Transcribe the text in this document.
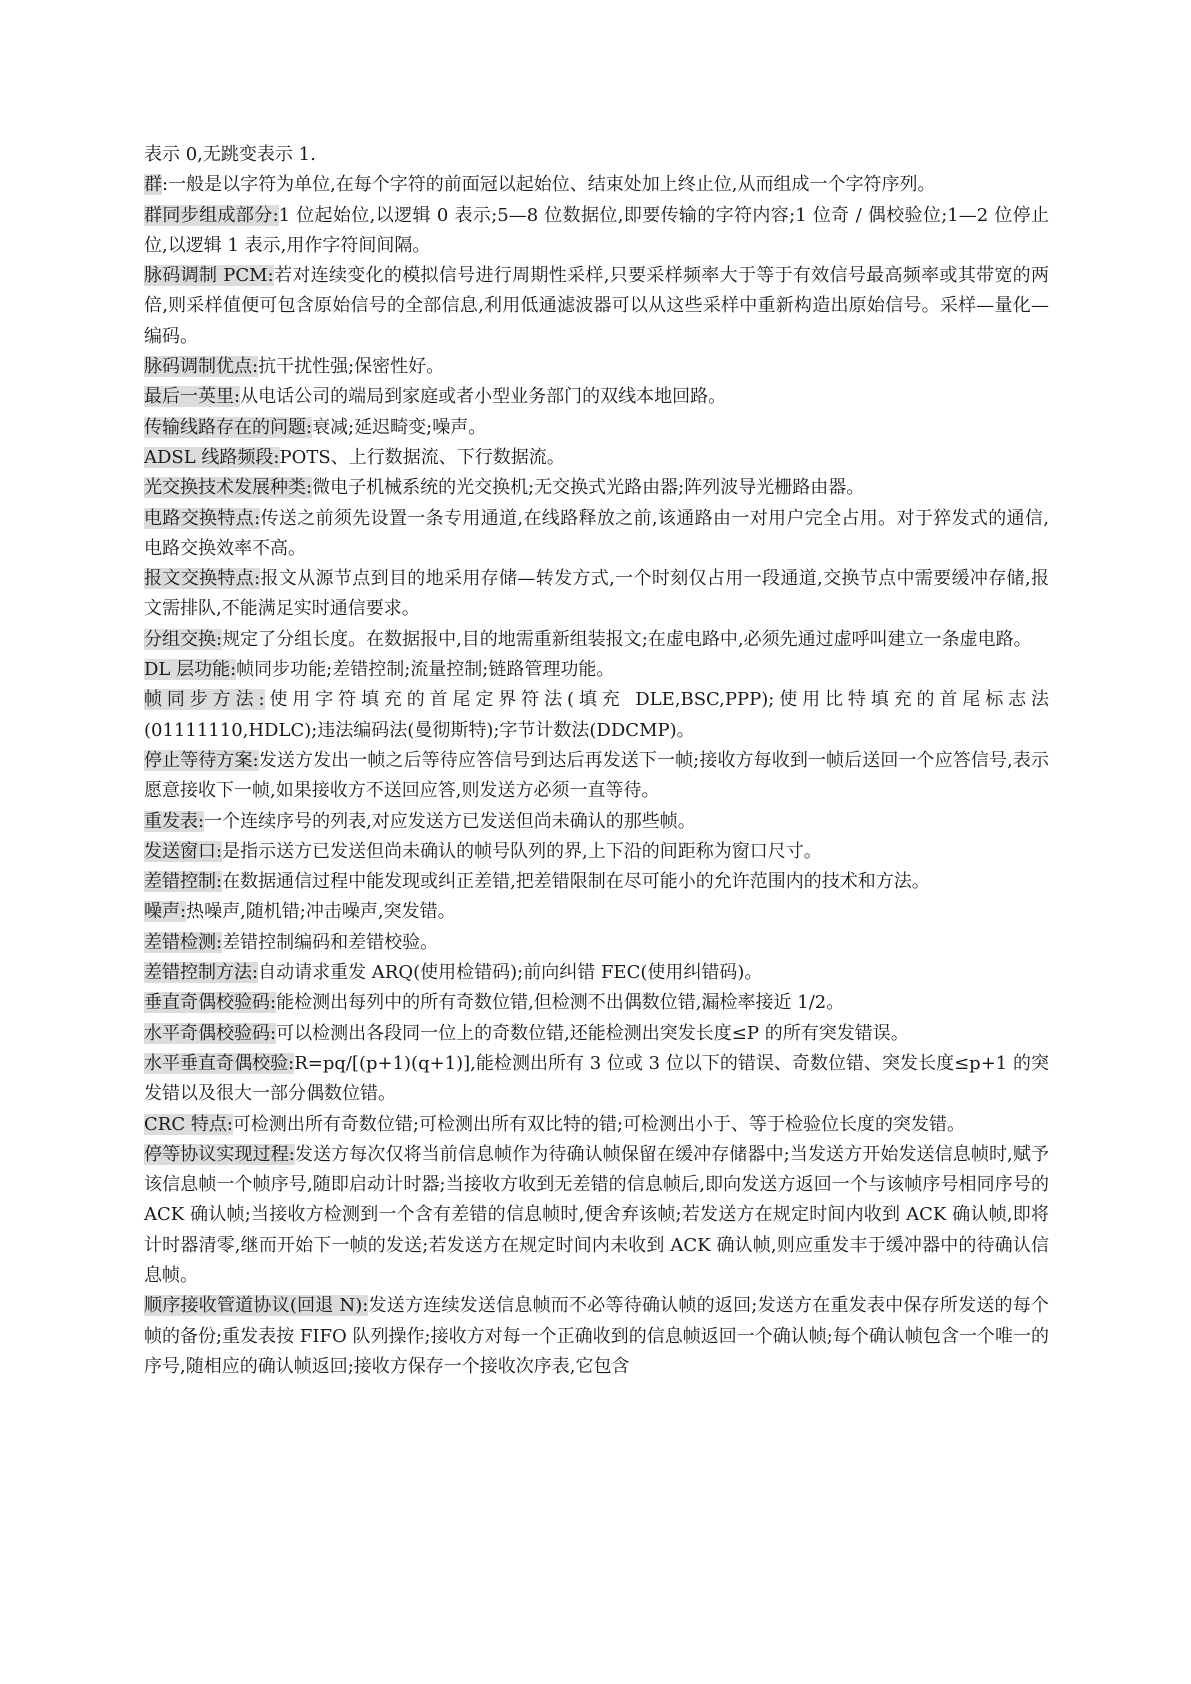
表示 0,无跳变表示 1.

群:一般是以字符为单位,在每个字符的前面冠以起始位、结束处加上终止位,从而组成一个字符序列。

群同步组成部分:1 位起始位,以逻辑 0 表示;5—8 位数据位,即要传输的字符内容;1 位奇 / 偶校验位;1—2 位停止位,以逻辑 1 表示,用作字符间间隔。

脉码调制 PCM:若对连续变化的模拟信号进行周期性采样,只要采样频率大于等于有效信号最高频率或其带宽的两倍,则采样值便可包含原始信号的全部信息,利用低通滤波器可以从这些采样中重新构造出原始信号。采样—量化—编码。

脉码调制优点:抗干扰性强;保密性好。

最后一英里:从电话公司的端局到家庭或者小型业务部门的双线本地回路。

传输线路存在的问题:衰减;延迟畸变;噪声。

ADSL 线路频段:POTS、上行数据流、下行数据流。

光交换技术发展种类:微电子机械系统的光交换机;无交换式光路由器;阵列波导光栅路由器。

电路交换特点:传送之前须先设置一条专用通道,在线路释放之前,该通路由一对用户完全占用。对于猝发式的通信,电路交换效率不高。

报文交换特点:报文从源节点到目的地采用存储—转发方式,一个时刻仅占用一段通道,交换节点中需要缓冲存储,报文需排队,不能满足实时通信要求。

分组交换:规定了分组长度。在数据报中,目的地需重新组装报文;在虚电路中,必须先通过虚呼叫建立一条虚电路。

DL 层功能:帧同步功能;差错控制;流量控制;链路管理功能。

帧同步方法:使用字符填充的首尾定界符法(填充 DLE,BSC,PPP);使用比特填充的首尾标志法(01111110,HDLC);违法编码法(曼彻斯特);字节计数法(DDCMP)。

停止等待方案:发送方发出一帧之后等待应答信号到达后再发送下一帧;接收方每收到一帧后送回一个应答信号,表示愿意接收下一帧,如果接收方不送回应答,则发送方必须一直等待。

重发表:一个连续序号的列表,对应发送方已发送但尚未确认的那些帧。

发送窗口:是指示送方已发送但尚未确认的帧号队列的界,上下沿的间距称为窗口尺寸。

差错控制:在数据通信过程中能发现或纠正差错,把差错限制在尽可能小的允许范围内的技术和方法。

噪声:热噪声,随机错;冲击噪声,突发错。

差错检测:差错控制编码和差错校验。

差错控制方法:自动请求重发 ARQ(使用检错码);前向纠错 FEC(使用纠错码)。

垂直奇偶校验码:能检测出每列中的所有奇数位错,但检测不出偶数位错,漏检率接近 1/2。

水平奇偶校验码:可以检测出各段同一位上的奇数位错,还能检测出突发长度≤P 的所有突发错误。

水平垂直奇偶校验:R=pq/[(p+1)(q+1)],能检测出所有 3 位或 3 位以下的错误、奇数位错、突发长度≤p+1 的突发错以及很大一部分偶数位错。

CRC 特点:可检测出所有奇数位错;可检测出所有双比特的错;可检测出小于、等于检验位长度的突发错。

停等协议实现过程:发送方每次仅将当前信息帧作为待确认帧保留在缓冲存储器中;当发送方开始发送信息帧时,赋予该信息帧一个帧序号,随即启动计时器;当接收方收到无差错的信息帧后,即向发送方返回一个与该帧序号相同序号的 ACK 确认帧;当接收方检测到一个含有差错的信息帧时,便舍弃该帧;若发送方在规定时间内收到 ACK 确认帧,即将计时器清零,继而开始下一帧的发送;若发送方在规定时间内未收到 ACK 确认帧,则应重发丰于缓冲器中的待确认信息帧。

顺序接收管道协议(回退 N):发送方连续发送信息帧而不必等待确认帧的返回;发送方在重发表中保存所发送的每个帧的备份;重发表按 FIFO 队列操作;接收方对每一个正确收到的信息帧返回一个确认帧;每个确认帧包含一个唯一的序号,随相应的确认帧返回;接收方保存一个接收次序表,它包含
